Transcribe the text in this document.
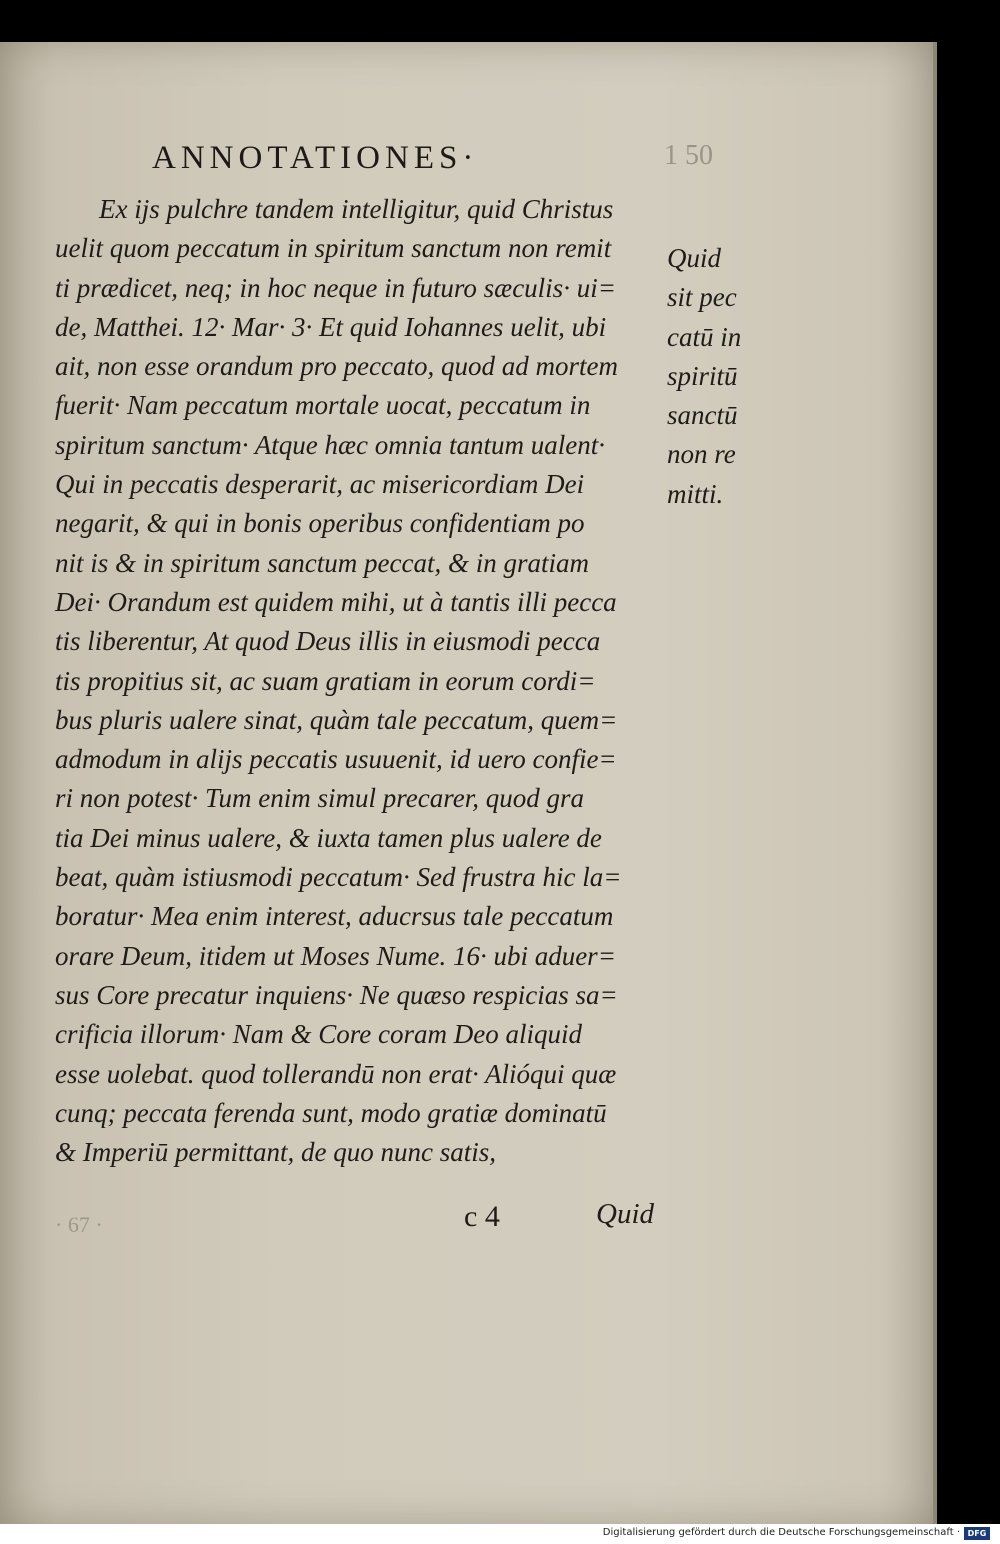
ANNOTATIONES·	1 50
Ex ijs pulchre tandem intelligitur, quid Christus
uelit quom peccatum in spiritum sanctum non remit
ti prædicet, neq; in hoc neque in futuro sæculis· ui=
de, Matthei. 12· Mar· 3· Et quid Iohannes uelit, ubi
ait, non esse orandum pro peccato, quod ad mortem
fuerit· Nam peccatum mortale uocat, peccatum in
spiritum sanctum· Atque hæc omnia tantum ualent·
Qui in peccatis desperarit, ac misericordiam Dei
negarit, & qui in bonis operibus confidentiam po
nit is & in spiritum sanctum peccat, & in gratiam
Dei· Orandum est quidem mihi, ut à tantis illi pecca
tis liberentur, At quod Deus illis in eiusmodi pecca
tis propitius sit, ac suam gratiam in eorum cordi=
bus pluris ualere sinat, quàm tale peccatum, quem=
admodum in alijs peccatis usuuenit, id uero confie=
ri non potest· Tum enim simul precarer, quod gra
tia Dei minus ualere, & iuxta tamen plus ualere de
beat, quàm istiusmodi peccatum· Sed frustra hic la=
boratur· Mea enim interest, aducrsus tale peccatum
orare Deum, itidem ut Moses Nume. 16· ubi aduer=
sus Core precatur inquiens· Ne quæso respicias sa=
crificia illorum· Nam & Core coram Deo aliquid
esse uolebat. quod tollerandū non erat· Alióqui quæ
cunq; peccata ferenda sunt, modo gratiæ dominatū
& Imperiū permittant, de quo nunc satis,
Quid
sit pec
catū in
spiritū
sanctū
non re
mitti.
· 67 ·	c 4	Quid
Digitalisierung gefördert durch die Deutsche Forschungsgemeinschaft · DFG
